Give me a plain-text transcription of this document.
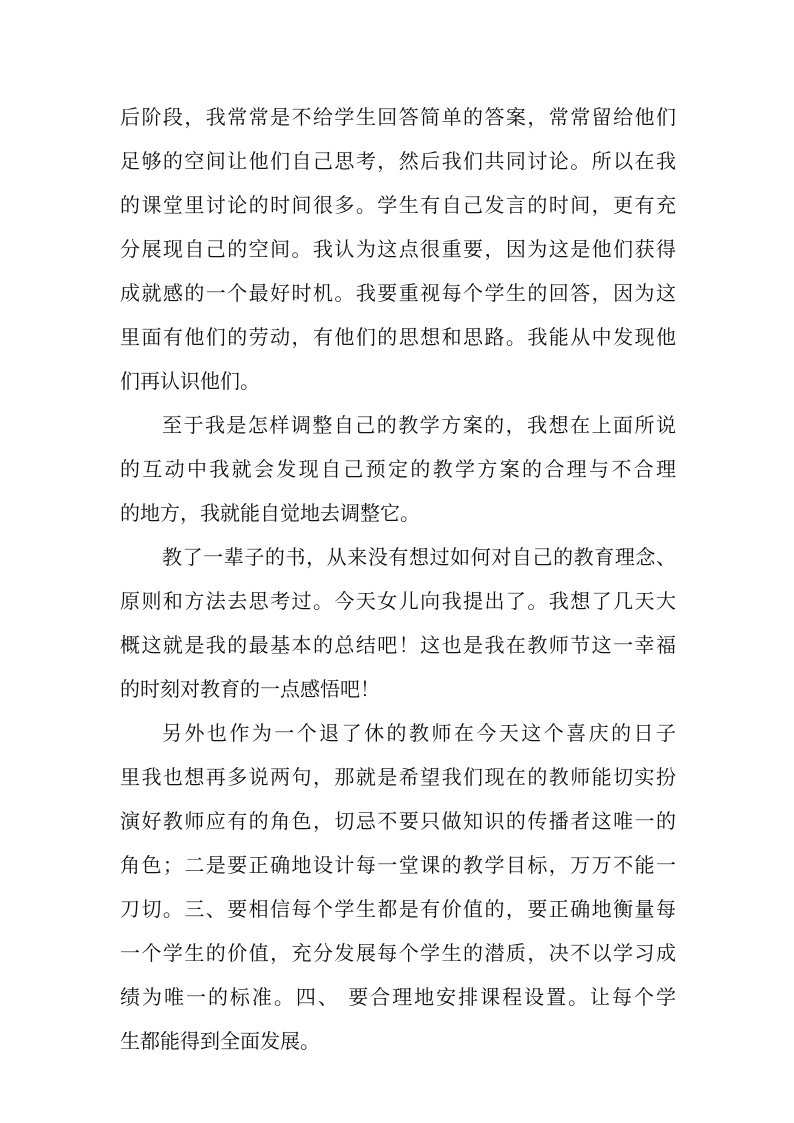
后阶段，我常常是不给学生回答简单的答案，常常留给他们
足够的空间让他们自己思考，然后我们共同讨论。所以在我
的课堂里讨论的时间很多。学生有自己发言的时间，更有充
分展现自己的空间。我认为这点很重要，因为这是他们获得
成就感的一个最好时机。我要重视每个学生的回答，因为这
里面有他们的劳动，有他们的思想和思路。我能从中发现他
们再认识他们。
至于我是怎样调整自己的教学方案的，我想在上面所说
的互动中我就会发现自己预定的教学方案的合理与不合理
的地方，我就能自觉地去调整它。
教了一辈子的书，从来没有想过如何对自己的教育理念、
原则和方法去思考过。今天女儿向我提出了。我想了几天大
概这就是我的最基本的总结吧！这也是我在教师节这一幸福
的时刻对教育的一点感悟吧！
另外也作为一个退了休的教师在今天这个喜庆的日子
里我也想再多说两句，那就是希望我们现在的教师能切实扮
演好教师应有的角色，切忌不要只做知识的传播者这唯一的
角色；二是要正确地设计每一堂课的教学目标，万万不能一
刀切。三、要相信每个学生都是有价值的，要正确地衡量每
一个学生的价值，充分发展每个学生的潜质，决不以学习成
绩为唯一的标准。四、 要合理地安排课程设置。让每个学
生都能得到全面发展。
